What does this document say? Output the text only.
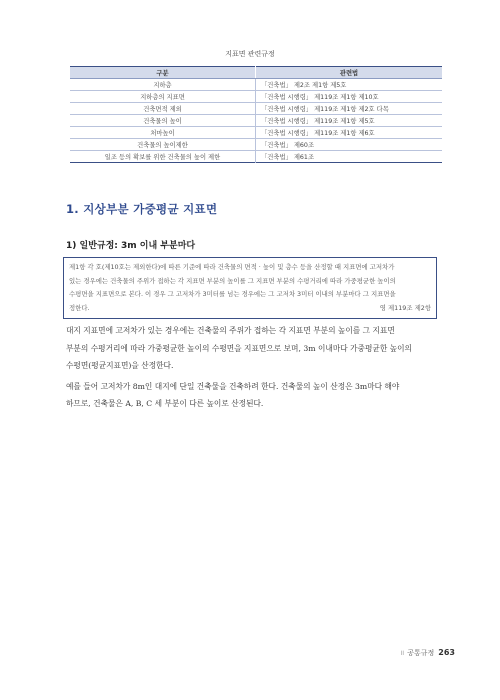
지표면 관련규정
구분	관련법
지하층	「건축법」 제2조 제1항 제5호
지하층의 지표면	「건축법 시행령」 제119조 제1항 제10호
건축면적 제외	「건축법 시행령」 제119조 제1항 제2호 다목
건축물의 높이	「건축법 시행령」 제119조 제1항 제5호
처마높이	「건축법 시행령」 제119조 제1항 제6호
건축물의 높이제한	「건축법」 제60조
일조 등의 확보를 위한 건축물의 높이 제한	「건축법」 제61조
1. 지상부분 가중평균 지표면
1) 일반규정: 3m 이내 부분마다
제1항 각 호(제10호는 제외한다)에 따른 기준에 따라 건축물의 면적 · 높이 및 층수 등을 산정할 때 지표면에 고저차가
있는 경우에는 건축물의 주위가 접하는 각 지표면 부분의 높이를 그 지표면 부분의 수평거리에 따라 가중평균한 높이의
수평면을 지표면으로 본다. 이 경우 그 고저차가 3미터를 넘는 경우에는 그 고저차 3미터 이내의 부분마다 그 지표면을
정한다.	영 제119조 제2항
대지 지표면에 고저차가 있는 경우에는 건축물의 주위가 접하는 각 지표면 부분의 높이를 그 지표면
부분의 수평거리에 따라 가중평균한 높이의 수평면을 지표면으로 보며, 3m 이내마다 가중평균한 높이의
수평면(평균지표면)을 산정한다.
예를 들어 고저차가 8m인 대지에 단일 건축물을 건축하려 한다. 건축물의 높이 산정은 3m마다 해야
하므로, 건축물은 A, B, C 세 부분이 다른 높이로 산정된다.
॥ 공통규정 263
